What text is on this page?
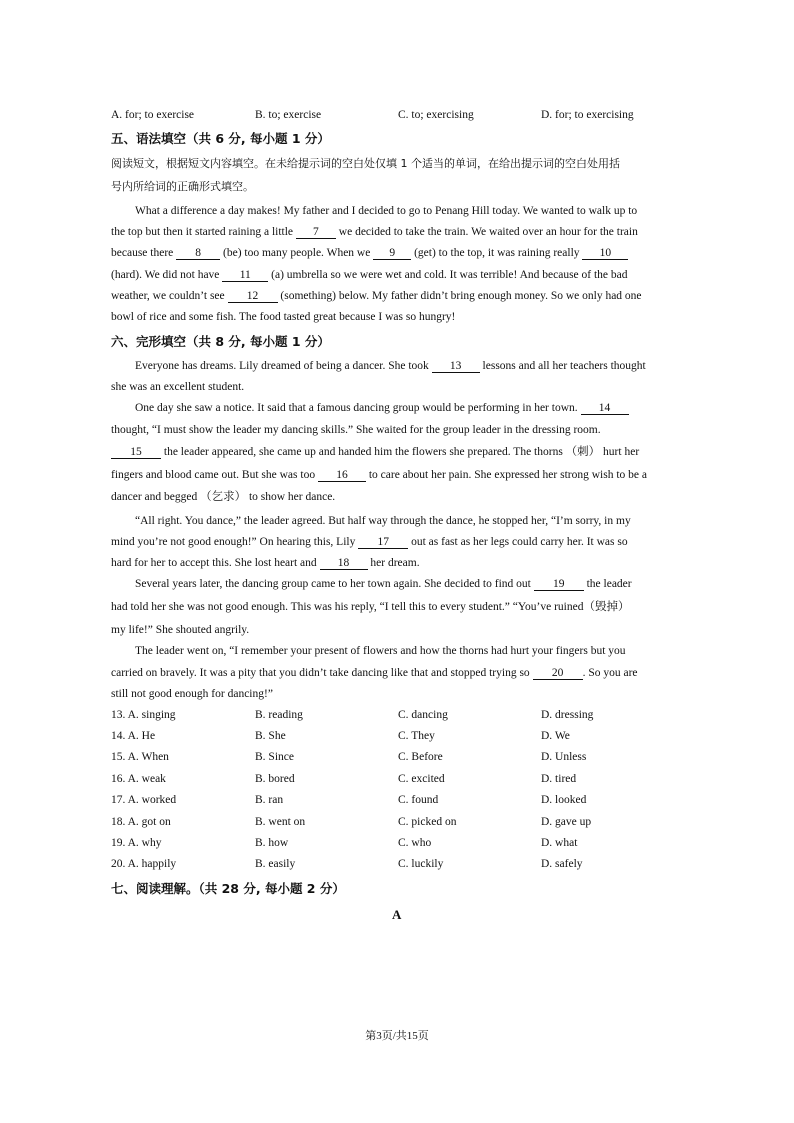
A. for; to exercise	B. to; exercise	C. to; exercising	D. for; to exercising
五、语法填空（共 6 分, 每小题 1 分）
阅读短文，根据短文内容填空。在未给提示词的空白处仅填 1 个适当的单词，在给出提示词的空白处用括
号内所给词的正确形式填空。
What a difference a day makes! My father and I decided to go to Penang Hill today. We wanted to walk up to
the top but then it started raining a little 7 we decided to take the train. We waited over an hour for the train
because there 8 (be) too many people. When we 9 (get) to the top, it was raining really 10
(hard). We did not have 11 (a) umbrella so we were wet and cold. It was terrible! And because of the bad
weather, we couldn’t see 12 (something) below. My father didn’t bring enough money. So we only had one
bowl of rice and some fish. The food tasted great because I was so hungry!
六、完形填空（共 8 分, 每小题 1 分）
Everyone has dreams. Lily dreamed of being a dancer. She took 13 lessons and all her teachers thought
she was an excellent student.
One day she saw a notice. It said that a famous dancing group would be performing in her town. 14
thought, “I must show the leader my dancing skills.” She waited for the group leader in the dressing room.
15 the leader appeared, she came up and handed him the flowers she prepared. The thorns （刺） hurt her
fingers and blood came out. But she was too 16 to care about her pain. She expressed her strong wish to be a
dancer and begged （乞求） to show her dance.
“All right. You dance,” the leader agreed. But half way through the dance, he stopped her, “I’m sorry, in my
mind you’re not good enough!” On hearing this, Lily 17 out as fast as her legs could carry her. It was so
hard for her to accept this. She lost heart and 18 her dream.
Several years later, the dancing group came to her town again. She decided to find out 19 the leader
had told her she was not good enough. This was his reply, “I tell this to every student.” “You’ve ruined（毁掉）
my life!” She shouted angrily.
The leader went on, “I remember your present of flowers and how the thorns had hurt your fingers but you
carried on bravely. It was a pity that you didn’t take dancing like that and stopped trying so 20 . So you are
still not good enough for dancing!”
13. A. singing	B. reading	C. dancing	D. dressing
14. A. He	B. She	C. They	D. We
15. A. When	B. Since	C. Before	D. Unless
16. A. weak	B. bored	C. excited	D. tired
17. A. worked	B. ran	C. found	D. looked
18. A. got on	B. went on	C. picked on	D. gave up
19. A. why	B. how	C. who	D. what
20. A. happily	B. easily	C. luckily	D. safely
七、阅读理解。（共 28 分, 每小题 2 分）
A
第3页/共15页
